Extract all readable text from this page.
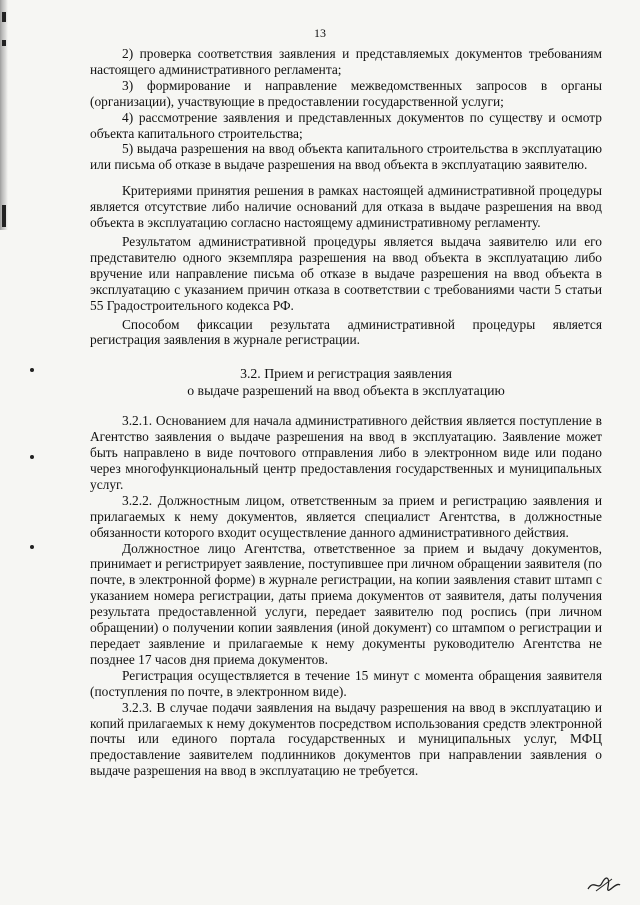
13

2) проверка соответствия заявления и представляемых документов требованиям настоящего административного регламента;

3) формирование и направление межведомственных запросов в органы (организации), участвующие в предоставлении государственной услуги;

4) рассмотрение заявления и представленных документов по существу и осмотр объекта капитального строительства;

5) выдача разрешения на ввод объекта капитального строительства в эксплуатацию или письма об отказе в выдаче разрешения на ввод объекта в эксплуатацию заявителю.

Критериями принятия решения в рамках настоящей административной процедуры является отсутствие либо наличие оснований для отказа в выдаче разрешения на ввод объекта в эксплуатацию согласно настоящему административному регламенту.

Результатом административной процедуры является выдача заявителю или его представителю одного экземпляра разрешения на ввод объекта в эксплуатацию либо вручение или направление письма об отказе в выдаче разрешения на ввод объекта в эксплуатацию с указанием причин отказа в соответствии с требованиями части 5 статьи 55 Градостроительного кодекса РФ.

Способом фиксации результата административной процедуры является регистрация заявления в журнале регистрации.

3.2. Прием и регистрация заявления
о выдаче разрешений на ввод объекта в эксплуатацию

3.2.1. Основанием для начала административного действия является поступление в Агентство заявления о выдаче разрешения на ввод в эксплуатацию. Заявление может быть направлено в виде почтового отправления либо в электронном виде или подано через многофункциональный центр предоставления государственных и муниципальных услуг.

3.2.2. Должностным лицом, ответственным за прием и регистрацию заявления и прилагаемых к нему документов, является специалист Агентства, в должностные обязанности которого входит осуществление данного административного действия.

Должностное лицо Агентства, ответственное за прием и выдачу документов, принимает и регистрирует заявление, поступившее при личном обращении заявителя (по почте, в электронной форме) в журнале регистрации, на копии заявления ставит штамп с указанием номера регистрации, даты приема документов от заявителя, даты получения результата предоставленной услуги, передает заявителю под роспись (при личном обращении) о получении копии заявления (иной документ) со штампом о регистрации и передает заявление и прилагаемые к нему документы руководителю Агентства не позднее 17 часов дня приема документов.

Регистрация осуществляется в течение 15 минут с момента обращения заявителя (поступления по почте, в электронном виде).

3.2.3. В случае подачи заявления на выдачу разрешения на ввод в эксплуатацию и копий прилагаемых к нему документов посредством использования средств электронной почты или единого портала государственных и муниципальных услуг, МФЦ предоставление заявителем подлинников документов при направлении заявления о выдаче разрешения на ввод в эксплуатацию не требуется.
